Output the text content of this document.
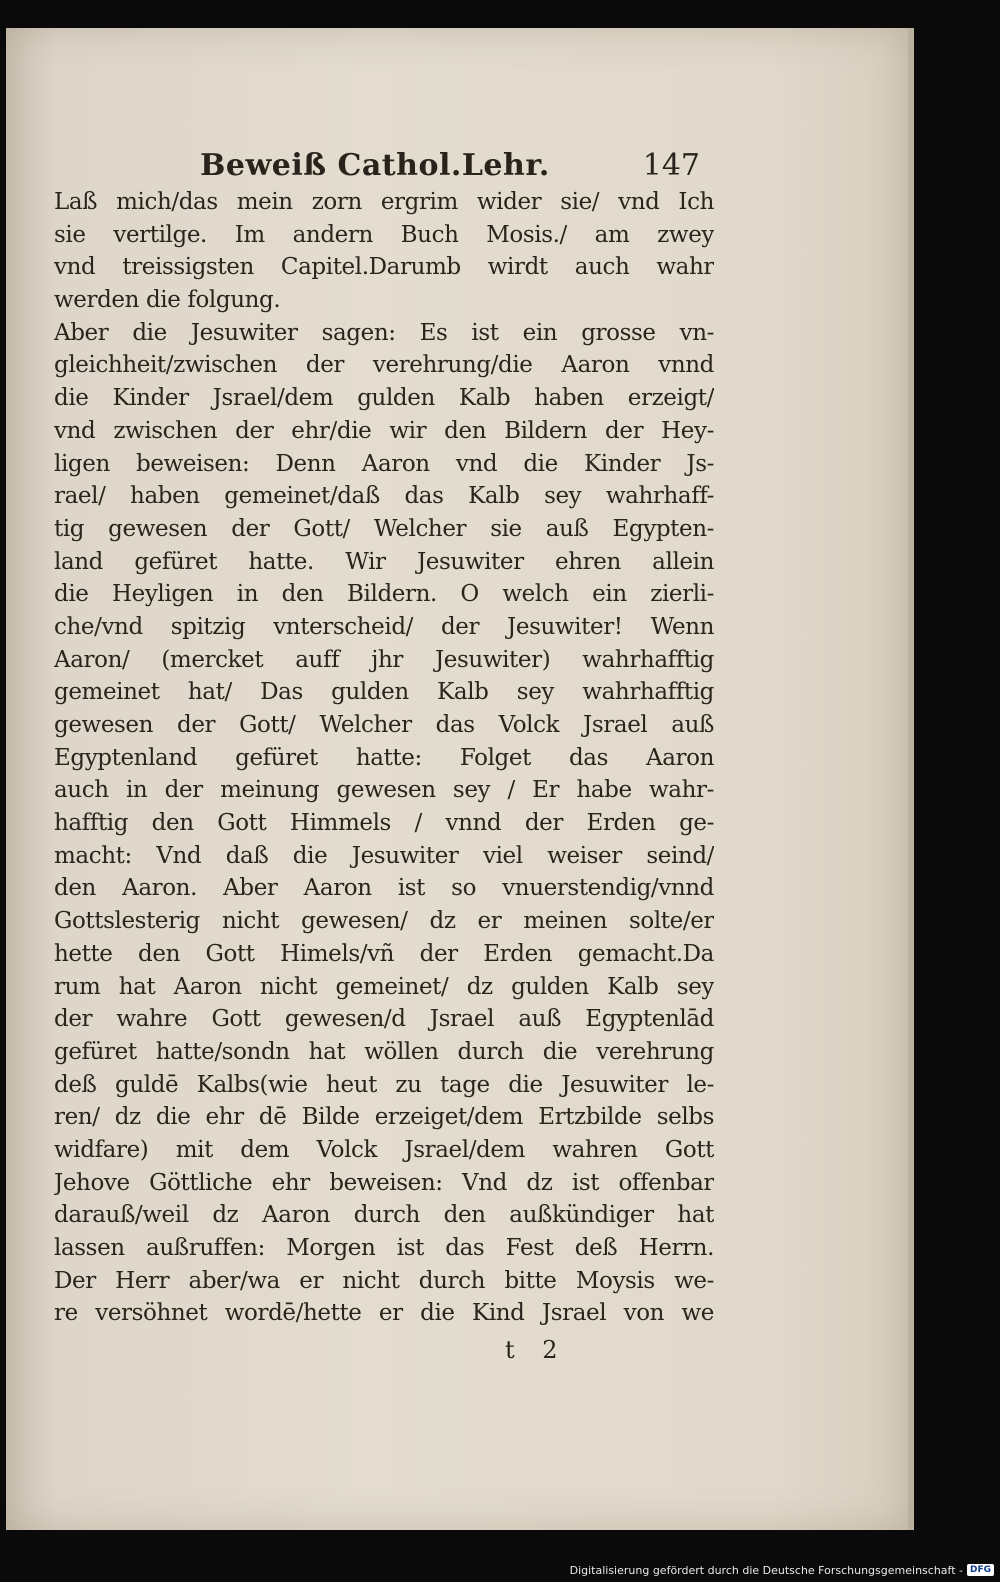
Beweiß Cathol.Lehr.	147
Laß mich/das mein zorn ergrim wider sie/ vnd Ich
sie vertilge. Im andern Buch Mosis./ am zwey
vnd treissigsten Capitel.Darumb wirdt auch wahr
werden die folgung.
Aber die Jesuwiter sagen: Es ist ein grosse vn-
gleichheit/zwischen der verehrung/die Aaron vnnd
die Kinder Jsrael/dem gulden Kalb haben erzeigt/
vnd zwischen der ehr/die wir den Bildern der Hey-
ligen beweisen: Denn Aaron vnd die Kinder Js-
rael/ haben gemeinet/daß das Kalb sey wahrhaff-
tig gewesen der Gott/ Welcher sie auß Egypten-
land gefüret hatte. Wir Jesuwiter ehren allein
die Heyligen in den Bildern. O welch ein zierli-
che/vnd spitzig vnterscheid/ der Jesuwiter! Wenn
Aaron/ (mercket auff jhr Jesuwiter) wahrhafftig
gemeinet hat/ Das gulden Kalb sey wahrhafftig
gewesen der Gott/ Welcher das Volck Jsrael auß
Egyptenland gefüret hatte: Folget das Aaron
auch in der meinung gewesen sey / Er habe wahr-
hafftig den Gott Himmels / vnnd der Erden ge-
macht: Vnd daß die Jesuwiter viel weiser seind/
den Aaron. Aber Aaron ist so vnuerstendig/vnnd
Gottslesterig nicht gewesen/ dz er meinen solte/er
hette den Gott Himels/vñ der Erden gemacht.Da
rum hat Aaron nicht gemeinet/ dz gulden Kalb sey
der wahre Gott gewesen/d Jsrael auß Egyptenlād
gefüret hatte/sondn hat wöllen durch die verehrung
deß guldē Kalbs(wie heut zu tage die Jesuwiter le-
ren/ dz die ehr dē Bilde erzeiget/dem Ertzbilde selbs
widfare) mit dem Volck Jsrael/dem wahren Gott
Jehove Göttliche ehr beweisen: Vnd dz ist offenbar
darauß/weil dz Aaron durch den außkündiger hat
lassen außruffen: Morgen ist das Fest deß Herrn.
Der Herr aber/wa er nicht durch bitte Moysis we-
re versöhnet wordē/hette er die Kind Jsrael von we
t 2
Digitalisierung gefördert durch die Deutsche Forschungsgemeinschaft - DFG
